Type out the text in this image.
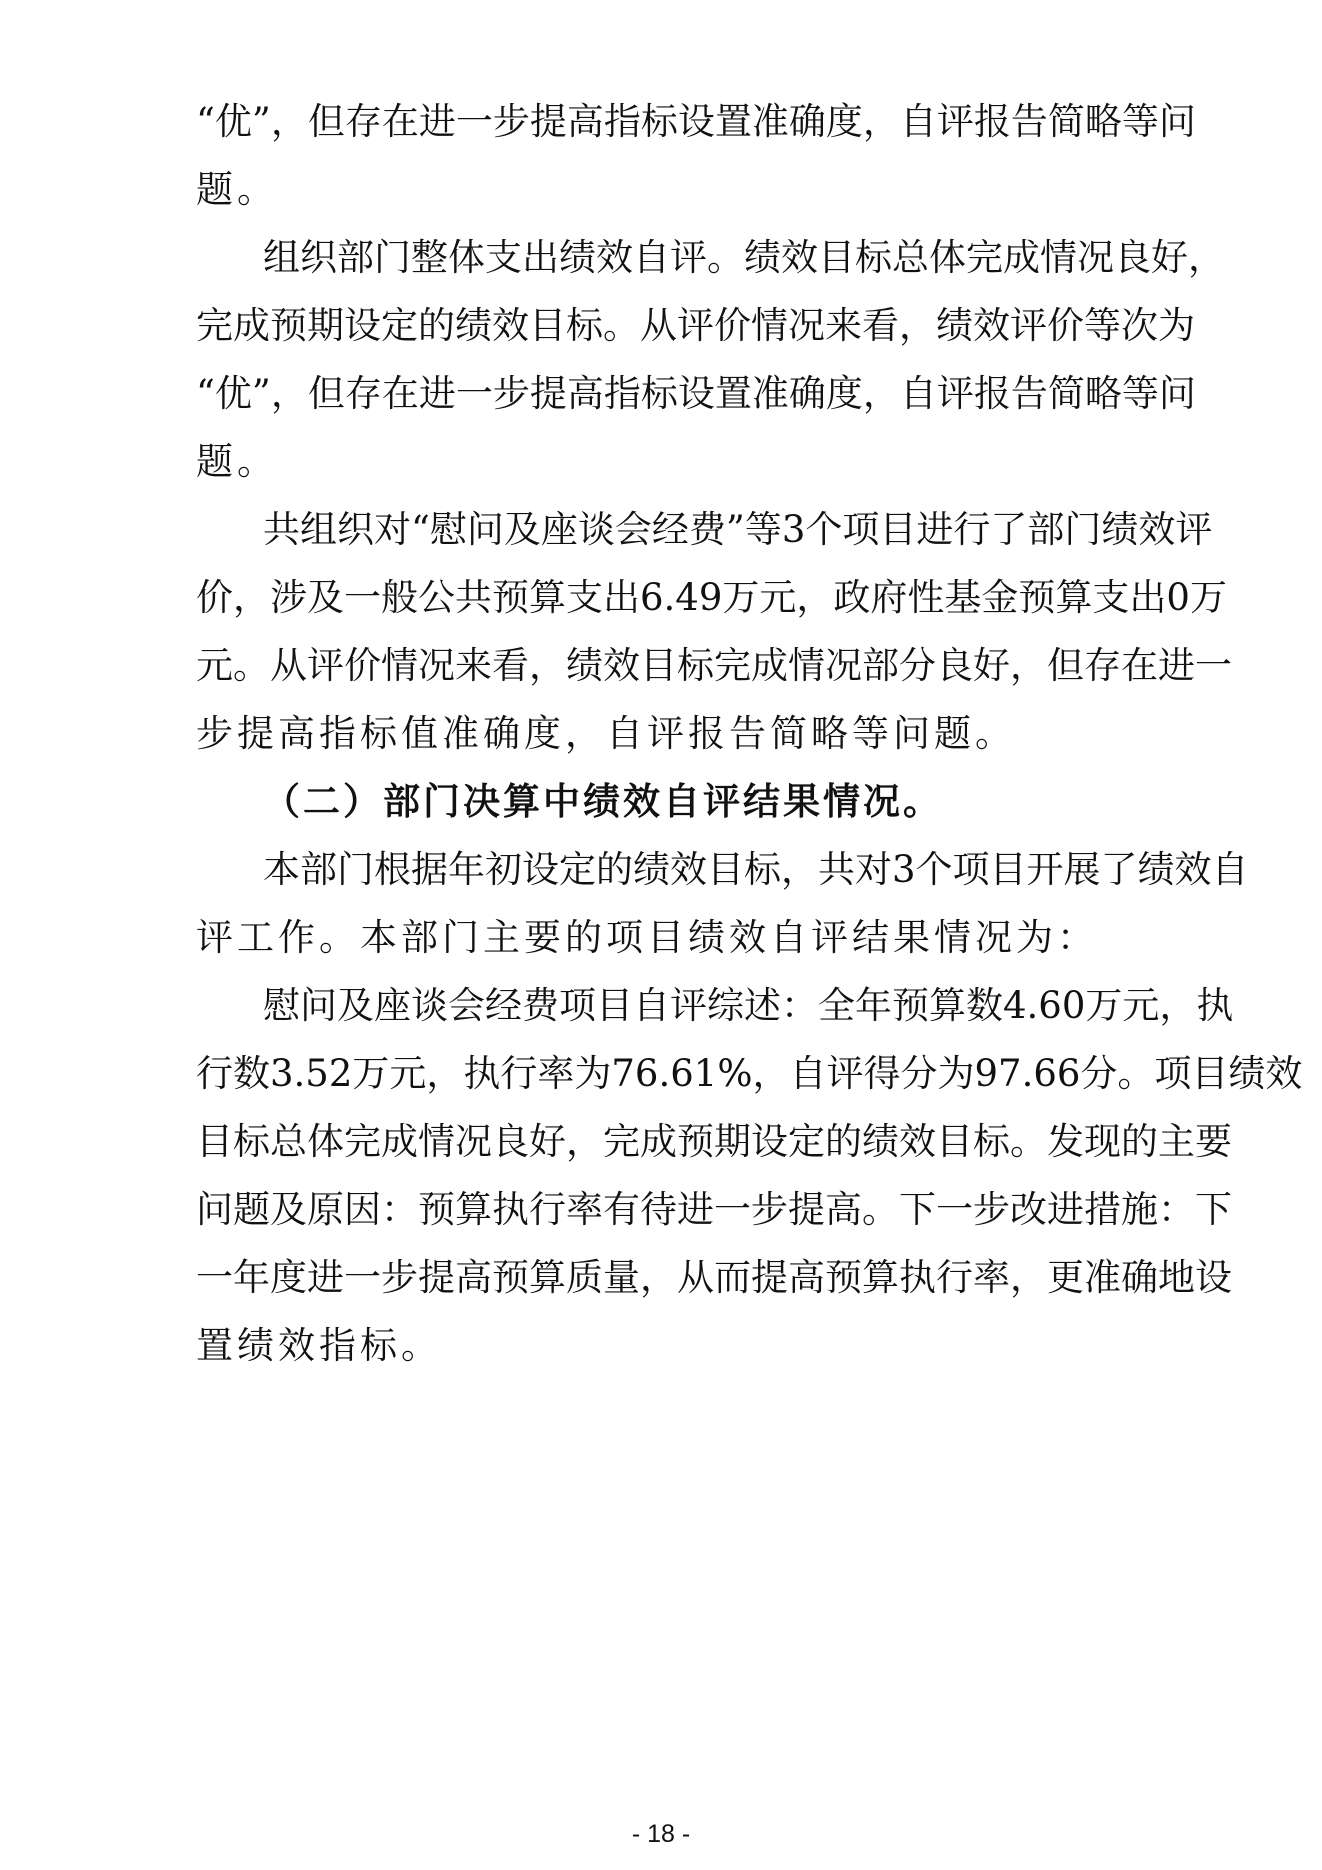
“ 优 ” ， 但 存 在 进 一 步 提 高 指 标 设 置 准 确 度 ， 自 评 报 告 简 略 等 问
题。
组 织 部 门 整 体 支 出 绩 效 自 评 。 绩 效 目 标 总 体 完 成 情 况 良 好 ，
完 成 预 期 设 定 的 绩 效 目 标 。 从 评 价 情 况 来 看 ， 绩 效 评 价 等 次 为
“ 优 ” ， 但 存 在 进 一 步 提 高 指 标 设 置 准 确 度 ， 自 评 报 告 简 略 等 问
题。
共 组 织 对 “ 慰 问 及 座 谈 会 经 费 ” 等 3 个 项 目 进 行 了 部 门 绩 效 评
价 ， 涉 及 一 般 公 共 预 算 支 出 6.49 万 元 ， 政 府 性 基 金 预 算 支 出 0 万
元 。 从 评 价 情 况 来 看 ， 绩 效 目 标 完 成 情 况 部 分 良 好 ， 但 存 在 进 一
步提高指标值准确度，自评报告简略等问题。
（二）部门决算中绩效自评结果情况。
本 部 门 根 据 年 初 设 定 的 绩 效 目 标 ， 共 对 3 个 项 目 开 展 了 绩 效 自
评工作。本部门主要的项目绩效自评结果情况为：
慰 问 及 座 谈 会 经 费 项 目 自 评 综 述 ： 全 年 预 算 数 4.60 万 元 ， 执
行 数 3.52 万 元 ， 执 行 率 为 76.61% ， 自 评 得 分 为 97.66 分 。 项 目 绩 效
目 标 总 体 完 成 情 况 良 好 ， 完 成 预 期 设 定 的 绩 效 目 标 。 发 现 的 主 要
问 题 及 原 因 ： 预 算 执 行 率 有 待 进 一 步 提 高 。 下 一 步 改 进 措 施 ： 下
一 年 度 进 一 步 提 高 预 算 质 量 ， 从 而 提 高 预 算 执 行 率 ， 更 准 确 地 设
置绩效指标。
- 18 -
